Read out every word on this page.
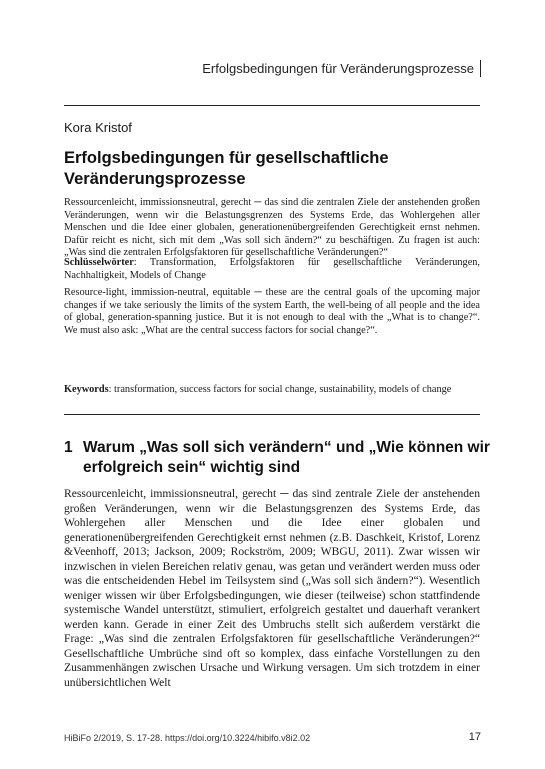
Erfolgsbedingungen für Veränderungsprozesse
Kora Kristof
Erfolgsbedingungen für gesellschaftliche Veränderungsprozesse

Ressourcenleicht, immissionsneutral, gerecht ─ das sind die zentralen Ziele der anstehenden großen Veränderungen, wenn wir die Belastungsgrenzen des Systems Erde, das Wohlergehen aller Menschen und die Idee einer globalen, generationenübergreifenden Gerechtigkeit ernst nehmen. Dafür reicht es nicht, sich mit dem „Was soll sich ändern?“ zu beschäftigen. Zu fragen ist auch: „Was sind die zentralen Erfolgsfaktoren für gesellschaftliche Veränderungen?“

Schlüsselwörter: Transformation, Erfolgsfaktoren für gesellschaftliche Veränderungen, Nachhaltigkeit, Models of Change

Resource-light, immission-neutral, equitable ─ these are the central goals of the upcoming major changes if we take seriously the limits of the system Earth, the well-being of all people and the idea of global, generation-spanning justice. But it is not enough to deal with the „What is to change?“. We must also ask: „What are the central success factors for social change?“.

Keywords: transformation, success factors for social change, sustainability, models of change

1 Warum „Was soll sich verändern“ und „Wie können wir erfolgreich sein“ wichtig sind

Ressourcenleicht, immissionsneutral, gerecht ─ das sind zentrale Ziele der anstehenden großen Veränderungen, wenn wir die Belastungsgrenzen des Systems Erde, das Wohlergehen aller Menschen und die Idee einer globalen und generationenübergreifenden Gerechtigkeit ernst nehmen (z.B. Daschkeit, Kristof, Lorenz &Veenhoff, 2013; Jackson, 2009; Rockström, 2009; WBGU, 2011). Zwar wissen wir inzwischen in vielen Bereichen relativ genau, was getan und verändert werden muss oder was die entscheidenden Hebel im Teilsystem sind („Was soll sich ändern?“). Wesentlich weniger wissen wir über Erfolgsbedingungen, wie dieser (teilweise) schon stattfindende systemische Wandel unterstützt, stimuliert, erfolgreich gestaltet und dauerhaft verankert werden kann. Gerade in einer Zeit des Umbruchs stellt sich außerdem verstärkt die Frage: „Was sind die zentralen Erfolgsfaktoren für gesellschaftliche Veränderungen?“ Gesellschaftliche Umbrüche sind oft so komplex, dass einfache Vorstellungen zu den Zusammenhängen zwischen Ursache und Wirkung versagen. Um sich trotzdem in einer unübersichtlichen Welt

HiBiFo 2/2019, S. 17-28. https://doi.org/10.3224/hibifo.v8i2.02	17
